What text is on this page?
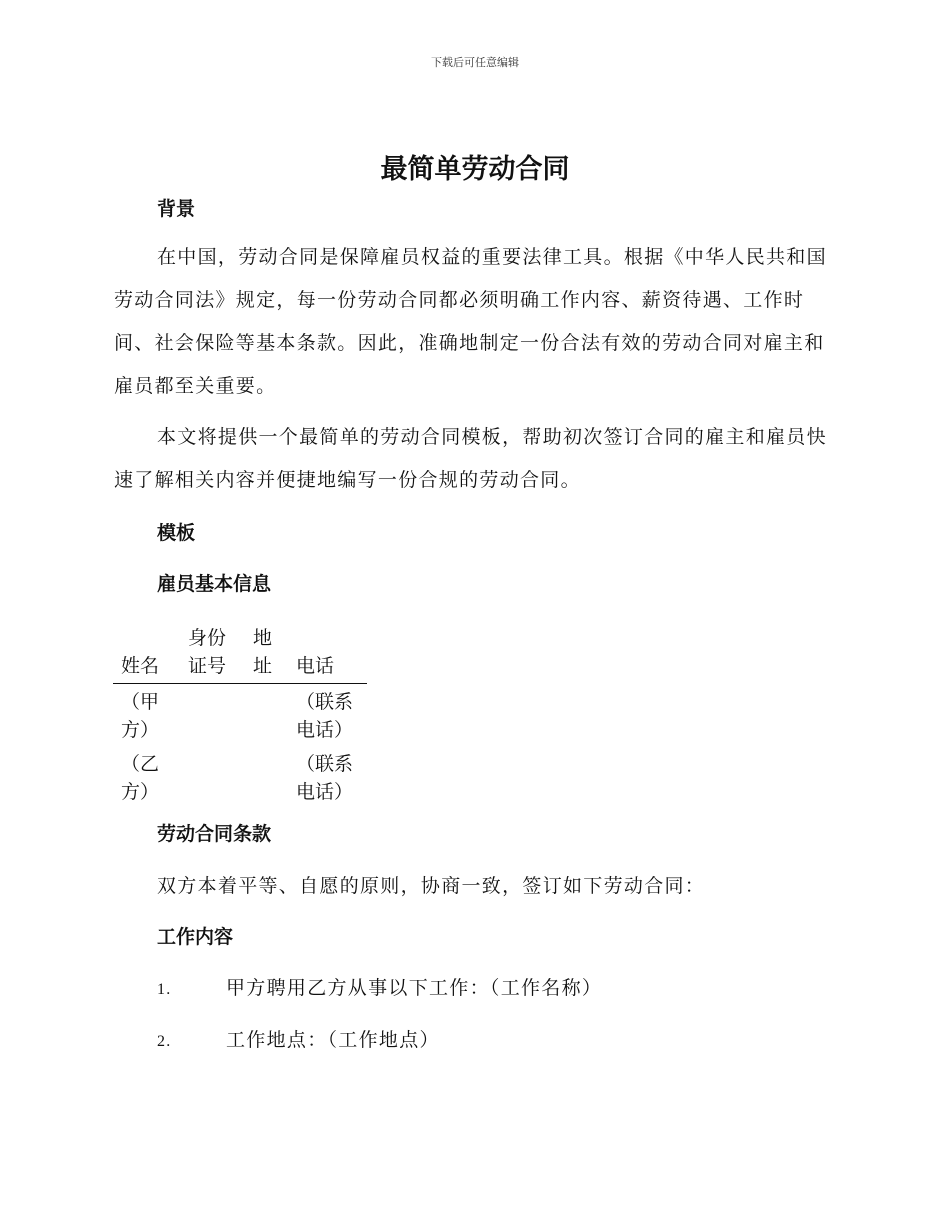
下载后可任意编辑
最简单劳动合同
背景

在中国，劳动合同是保障雇员权益的重要法律工具。根据《中华人民共和国劳动合同法》规定，每一份劳动合同都必须明确工作内容、薪资待遇、工作时间、社会保险等基本条款。因此，准确地制定一份合法有效的劳动合同对雇主和雇员都至关重要。

本文将提供一个最简单的劳动合同模板，帮助初次签订合同的雇主和雇员快速了解相关内容并便捷地编写一份合规的劳动合同。

模板
雇员基本信息
姓名	身份证号	地址	电话
（甲方）			（联系电话）
（乙方）			（联系电话）
劳动合同条款
双方本着平等、自愿的原则，协商一致，签订如下劳动合同：
工作内容
1.	甲方聘用乙方从事以下工作：（工作名称）
2.	工作地点：（工作地点）
